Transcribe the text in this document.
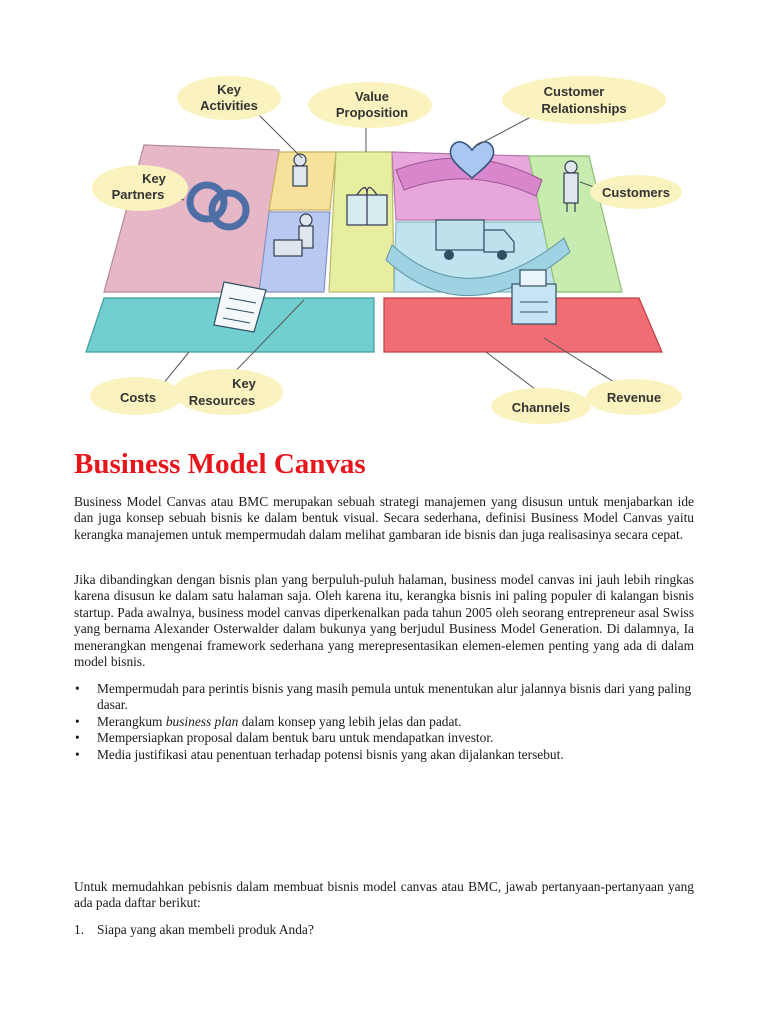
Key
Activities
Value
Proposition
Customer
Relationships
Key
Partners	Customers
Costs
Key
Resources	Channels
Revenue
Business Model Canvas

Business Model Canvas atau BMC merupakan sebuah strategi manajemen yang disusun untuk menjabarkan ide dan juga konsep sebuah bisnis ke dalam bentuk visual. Secara sederhana, definisi Business Model Canvas yaitu kerangka manajemen untuk mempermudah dalam melihat gambaran ide bisnis dan juga realisasinya secara cepat.

Jika dibandingkan dengan bisnis plan yang berpuluh-puluh halaman, business model canvas ini jauh lebih ringkas karena disusun ke dalam satu halaman saja. Oleh karena itu, kerangka bisnis ini paling populer di kalangan bisnis startup. Pada awalnya, business model canvas diperkenalkan pada tahun 2005 oleh seorang entrepreneur asal Swiss yang bernama Alexander Osterwalder dalam bukunya yang berjudul Business Model Generation. Di dalamnya, Ia menerangkan mengenai framework sederhana yang merepresentasikan elemen-elemen penting yang ada di dalam model bisnis.

• Mempermudah para perintis bisnis yang masih pemula untuk menentukan alur jalannya bisnis dari yang paling dasar.
• Merangkum business plan dalam konsep yang lebih jelas dan padat.
• Mempersiapkan proposal dalam bentuk baru untuk mendapatkan investor.
• Media justifikasi atau penentuan terhadap potensi bisnis yang akan dijalankan tersebut.

Untuk memudahkan pebisnis dalam membuat bisnis model canvas atau BMC, jawab pertanyaan-pertanyaan yang ada pada daftar berikut:

1. Siapa yang akan membeli produk Anda?
